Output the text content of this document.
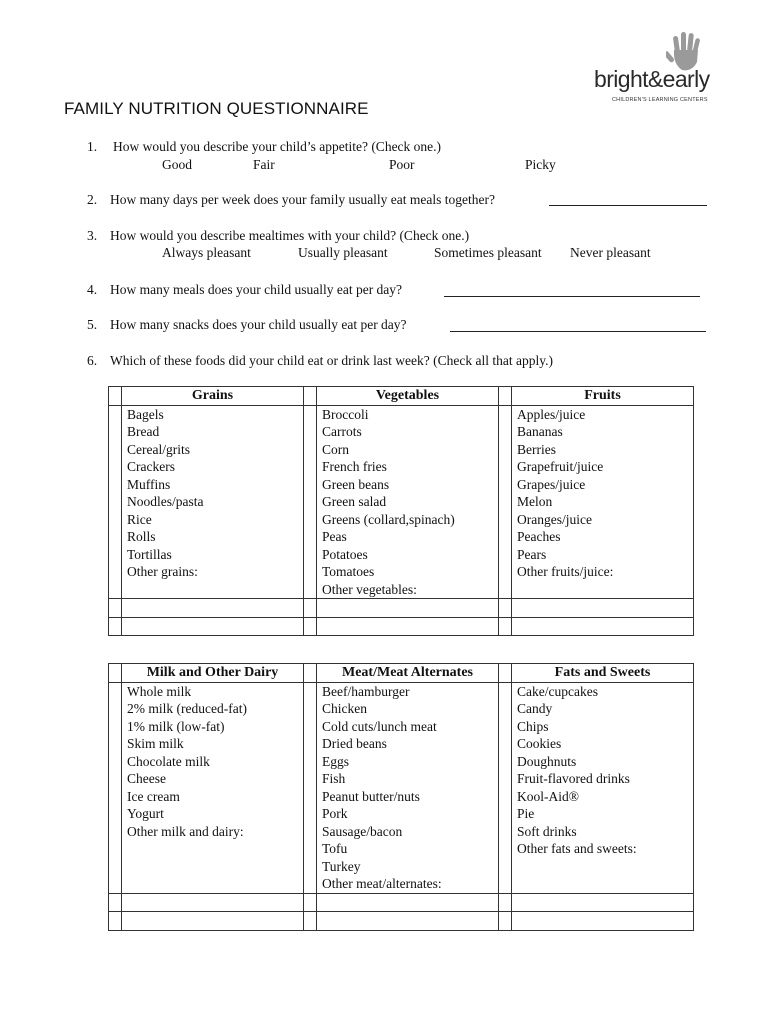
bright&early
CHILDREN'S LEARNING CENTERS
FAMILY NUTRITION QUESTIONNAIRE
1. How would you describe your child’s appetite? (Check one.)
Good	Fair	Poor	Picky
2. How many days per week does your family usually eat meals together?
3. How would you describe mealtimes with your child? (Check one.)
Always pleasant	Usually pleasant	Sometimes pleasant Never pleasant
4. How many meals does your child usually eat per day?
5. How many snacks does your child usually eat per day?
6. Which of these foods did your child eat or drink last week? (Check all that apply.)
	Grains		Vegetables		Fruits
	Bagels		Broccoli		Apples/juice
	Bread		Carrots		Bananas
	Cereal/grits		Corn		Berries
	Crackers		French fries		Grapefruit/juice
	Muffins		Green beans		Grapes/juice
	Noodles/pasta		Green salad		Melon
	Rice		Greens (collard,spinach)		Oranges/juice
	Rolls		Peas		Peaches
	Tortillas		Potatoes		Pears
	Other grains:		Tomatoes		Other fruits/juice:
			Other vegetables:		

	Milk and Other Dairy		Meat/Meat Alternates		Fats and Sweets
	Whole milk		Beef/hamburger		Cake/cupcakes
	2% milk (reduced-fat)		Chicken		Candy
	1% milk (low-fat)		Cold cuts/lunch meat		Chips
	Skim milk		Dried beans		Cookies
	Chocolate milk		Eggs		Doughnuts
	Cheese		Fish		Fruit-flavored drinks
	Ice cream		Peanut butter/nuts		Kool-Aid®
	Yogurt		Pork		Pie
	Other milk and dairy:		Sausage/bacon		Soft drinks
			Tofu		Other fats and sweets:
			Turkey		
			Other meat/alternates:		
